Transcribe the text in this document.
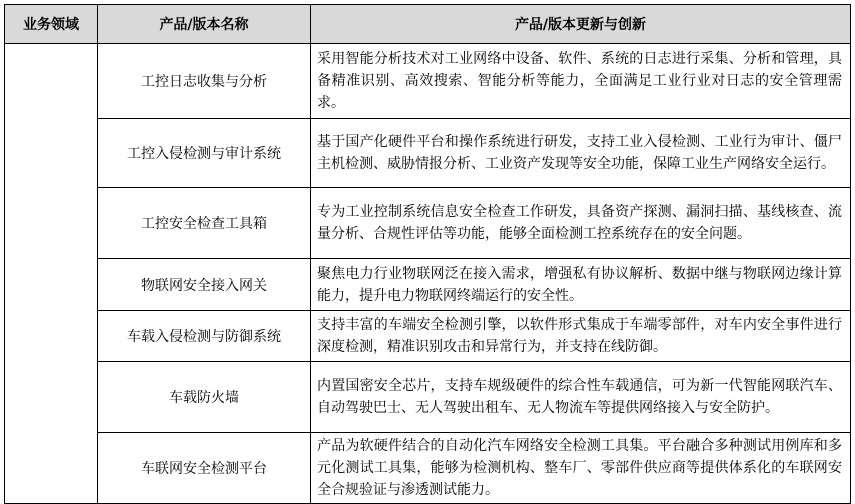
业务领域	产品/版本名称	产品/版本更新与创新
	工控日志收集与分析	采用智能分析技术对工业网络中设备、软件、系统的日志进行采集、分析和管理，具备精准识别、高效搜索、智能分析等能力，全面满足工业行业对日志的安全管理需求。
	工控入侵检测与审计系统	基于国产化硬件平台和操作系统进行研发，支持工业入侵检测、工业行为审计、僵尸主机检测、威胁情报分析、工业资产发现等安全功能，保障工业生产网络安全运行。
	工控安全检查工具箱	专为工业控制系统信息安全检查工作研发，具备资产探测、漏洞扫描、基线核查、流量分析、合规性评估等功能，能够全面检测工控系统存在的安全问题。
	物联网安全接入网关	聚焦电力行业物联网泛在接入需求，增强私有协议解析、数据中继与物联网边缘计算能力，提升电力物联网终端运行的安全性。
	车载入侵检测与防御系统	支持丰富的车端安全检测引擎，以软件形式集成于车端零部件，对车内安全事件进行深度检测，精准识别攻击和异常行为，并支持在线防御。
	车载防火墙	内置国密安全芯片，支持车规级硬件的综合性车载通信，可为新一代智能网联汽车、自动驾驶巴士、无人驾驶出租车、无人物流车等提供网络接入与安全防护。
	车联网安全检测平台	产品为软硬件结合的自动化汽车网络安全检测工具集。平台融合多种测试用例库和多元化测试工具集，能够为检测机构、整车厂、零部件供应商等提供体系化的车联网安全合规验证与渗透测试能力。
